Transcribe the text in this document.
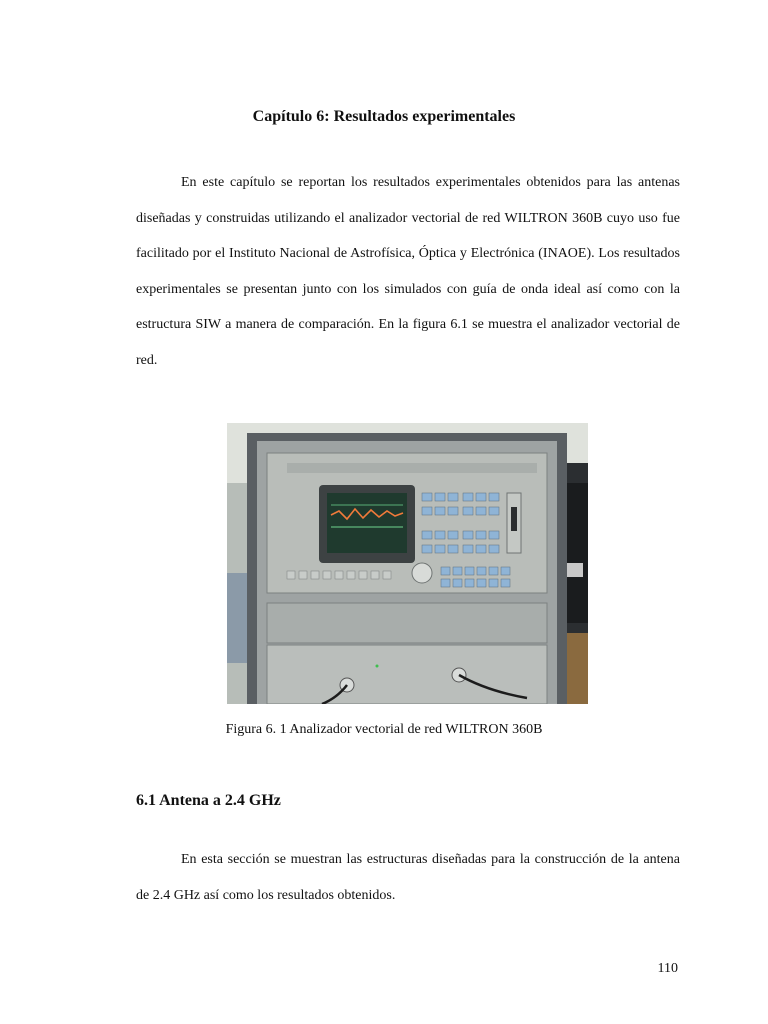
Capítulo 6: Resultados experimentales

En este capítulo se reportan los resultados experimentales obtenidos para las antenas diseñadas y construidas utilizando el analizador vectorial de red WILTRON 360B cuyo uso fue facilitado por el Instituto Nacional de Astrofísica, Óptica y Electrónica (INAOE). Los resultados experimentales se presentan junto con los simulados con guía de onda ideal así como con la estructura SIW a manera de comparación. En la figura 6.1 se muestra el analizador vectorial de red.

Figura 6. 1 Analizador vectorial de red WILTRON 360B

6.1 Antena a 2.4 GHz

En esta sección se muestran las estructuras diseñadas para la construcción de la antena de 2.4 GHz así como los resultados obtenidos.

110
